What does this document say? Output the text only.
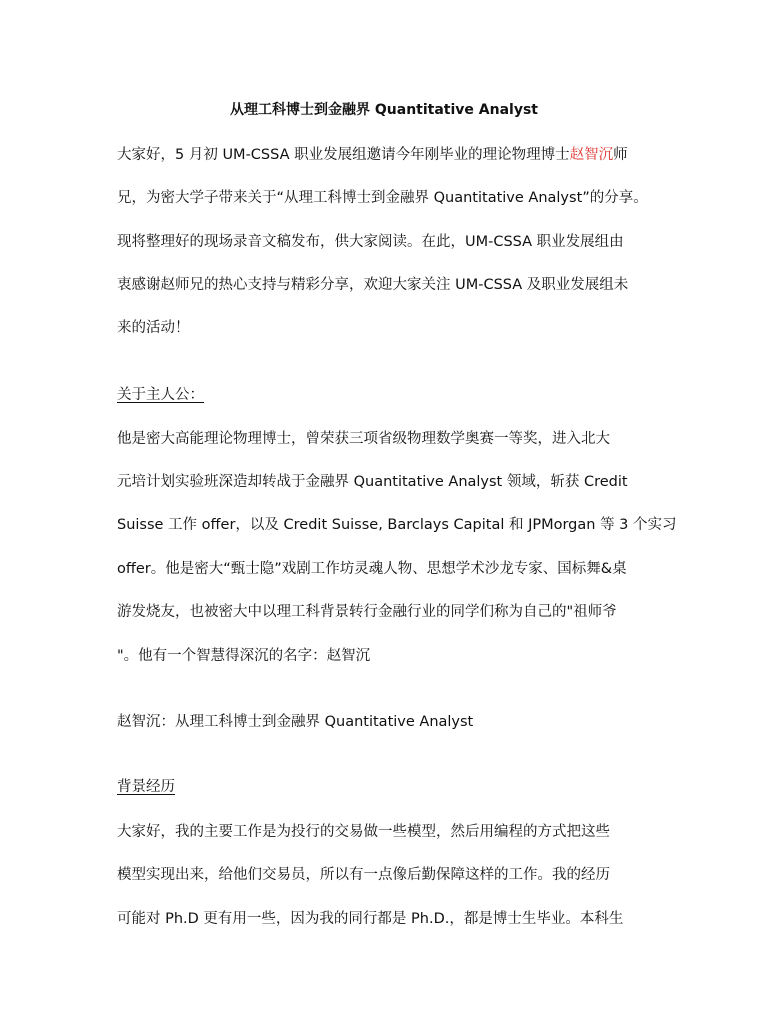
从理工科博士到金融界 Quantitative Analyst
大家好，5 月初 UM-CSSA 职业发展组邀请今年刚毕业的理论物理博士赵智沉师
兄，为密大学子带来关于“从理工科博士到金融界 Quantitative Analyst”的分享。
现将整理好的现场录音文稿发布，供大家阅读。在此，UM-CSSA 职业发展组由
衷感谢赵师兄的热心支持与精彩分享，欢迎大家关注 UM-CSSA 及职业发展组未
来的活动！
关于主人公：
他是密大高能理论物理博士，曾荣获三项省级物理数学奥赛一等奖，进入北大
元培计划实验班深造却转战于金融界 Quantitative Analyst 领域，斩获 Credit
Suisse 工作 offer，以及 Credit Suisse, Barclays Capital 和 JPMorgan 等 3 个实习
offer。他是密大“甄士隐”戏剧工作坊灵魂人物、思想学术沙龙专家、国标舞&桌
游发烧友，也被密大中以理工科背景转行金融行业的同学们称为自己的"祖师爷
"。他有一个智慧得深沉的名字：赵智沉
赵智沉：从理工科博士到金融界 Quantitative Analyst
背景经历
大家好，我的主要工作是为投行的交易做一些模型，然后用编程的方式把这些
模型实现出来，给他们交易员，所以有一点像后勤保障这样的工作。我的经历
可能对 Ph.D 更有用一些，因为我的同行都是 Ph.D.，都是博士生毕业。本科生
